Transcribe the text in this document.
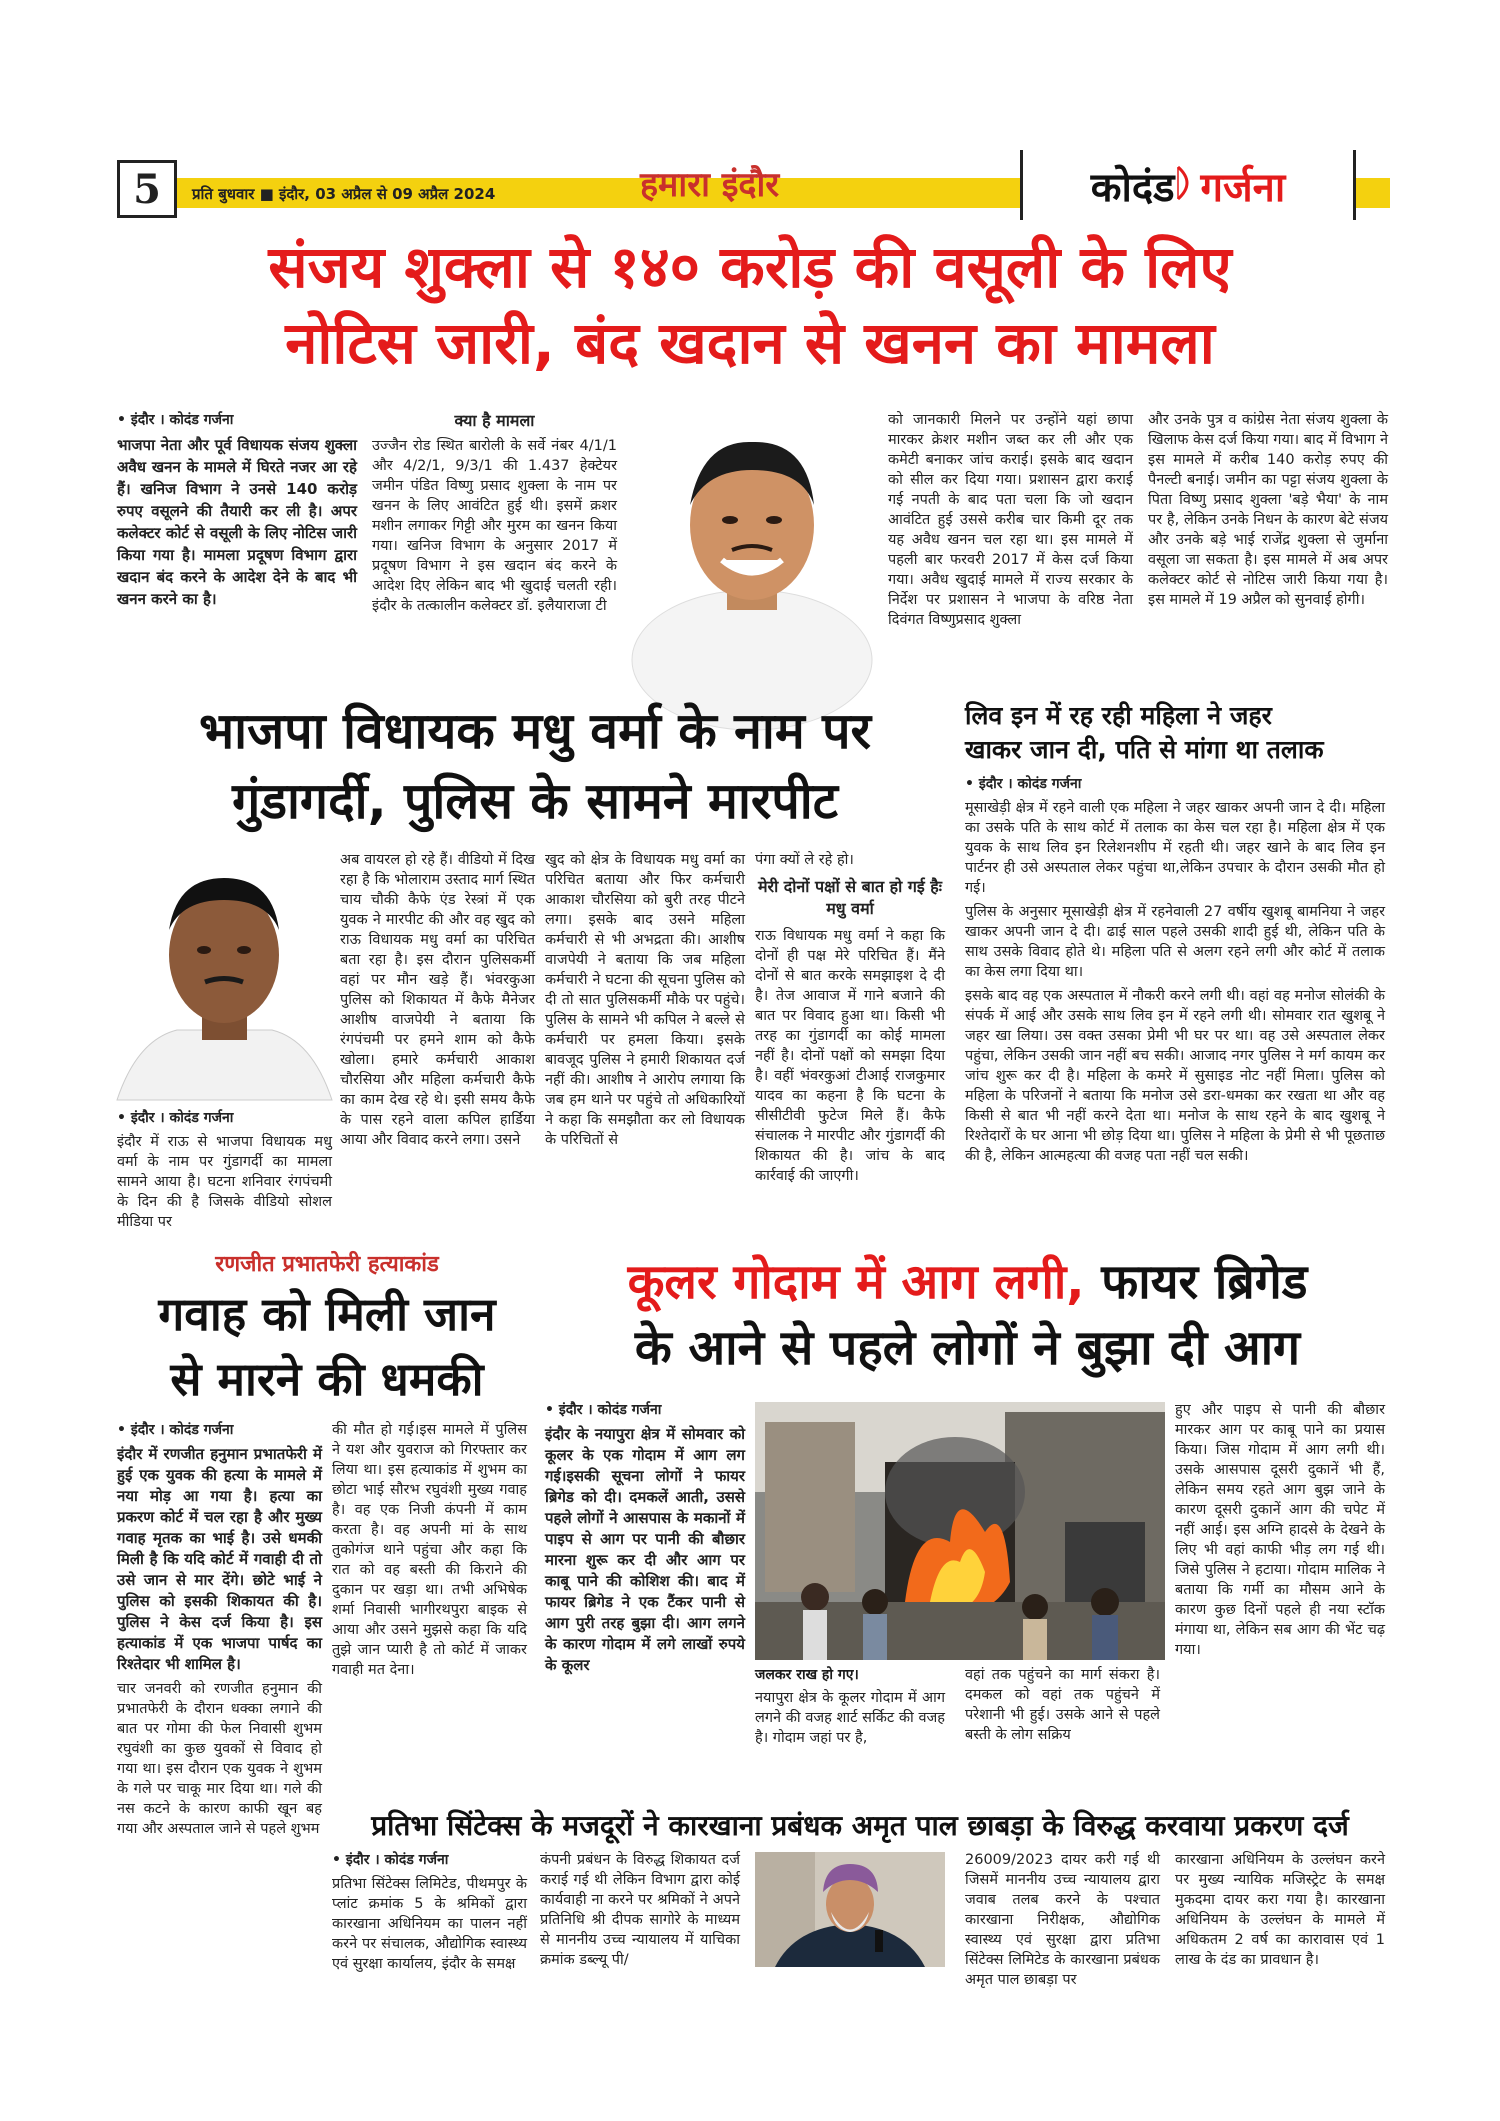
5 प्रति बुधवार ■ इंदौर, 03 अप्रैल से 09 अप्रैल 2024	हमारा इंदौर	कोदंड गर्जना
संजय शुक्ला से १४० करोड़ की वसूली के लिए
नोटिस जारी, बंद खदान से खनन का मामला

• इंदौर । कोदंड गर्जना

भाजपा नेता और पूर्व विधायक संजय शुक्ला अवैध खनन के मामले में घिरते नजर आ रहे हैं। खनिज विभाग ने उनसे 140 करोड़ रुपए वसूलने की तैयारी कर ली है। अपर कलेक्टर कोर्ट से वसूली के लिए नोटिस जारी किया गया है। मामला प्रदूषण विभाग द्वारा खदान बंद करने के आदेश देने के बाद भी खनन करने का है।

क्या है मामला

उज्जैन रोड स्थित बारोली के सर्वे नंबर 4/1/1 और 4/2/1, 9/3/1 की 1.437 हेक्टेयर जमीन पंडित विष्णु प्रसाद शुक्ला के नाम पर खनन के लिए आवंटित हुई थी। इसमें क्रशर मशीन लगाकर गिट्टी और मुरम का खनन किया गया। खनिज विभाग के अनुसार 2017 में प्रदूषण विभाग ने इस खदान बंद करने के आदेश दिए लेकिन बाद भी खुदाई चलती रही। इंदौर के तत्कालीन कलेक्टर डॉ. इलैयाराजा टी

को जानकारी मिलने पर उन्होंने यहां छापा मारकर क्रेशर मशीन जब्त कर ली और एक कमेटी बनाकर जांच कराई। इसके बाद खदान को सील कर दिया गया। प्रशासन द्वारा कराई गई नपती के बाद पता चला कि जो खदान आवंटित हुई उससे करीब चार किमी दूर तक यह अवैध खनन चल रहा था। इस मामले में पहली बार फरवरी 2017 में केस दर्ज किया गया। अवैध खुदाई मामले में राज्य सरकार के निर्देश पर प्रशासन ने भाजपा के वरिष्ठ नेता दिवंगत विष्णुप्रसाद शुक्ला

और उनके पुत्र व कांग्रेस नेता संजय शुक्ला के खिलाफ केस दर्ज किया गया। बाद में विभाग ने इस मामले में करीब 140 करोड़ रुपए की पैनल्टी बनाई। जमीन का पट्टा संजय शुक्ला के पिता विष्णु प्रसाद शुक्ला 'बड़े भैया' के नाम पर है, लेकिन उनके निधन के कारण बेटे संजय और उनके बड़े भाई राजेंद्र शुक्ला से जुर्माना वसूला जा सकता है। इस मामले में अब अपर कलेक्टर कोर्ट से नोटिस जारी किया गया है। इस मामले में 19 अप्रैल को सुनवाई होगी।

भाजपा विधायक मधु वर्मा के नाम पर
गुंडागर्दी, पुलिस के सामने मारपीट

• इंदौर । कोदंड गर्जना

इंदौर में राऊ से भाजपा विधायक मधु वर्मा के नाम पर गुंडागर्दी का मामला सामने आया है। घटना शनिवार रंगपंचमी के दिन की है जिसके वीडियो सोशल मीडिया पर

अब वायरल हो रहे हैं। वीडियो में दिख रहा है कि भोलाराम उस्ताद मार्ग स्थित चाय चौकी कैफे एंड रेस्त्रां में एक युवक ने मारपीट की और वह खुद को राऊ विधायक मधु वर्मा का परिचित बता रहा है। इस दौरान पुलिसकर्मी वहां पर मौन खड़े हैं। भंवरकुआ पुलिस को शिकायत में कैफे मैनेजर आशीष वाजपेयी ने बताया कि रंगपंचमी पर हमने शाम को कैफे खोला। हमारे कर्मचारी आकाश चौरसिया और महिला कर्मचारी कैफे का काम देख रहे थे। इसी समय कैफे के पास रहने वाला कपिल हार्डिया आया और विवाद करने लगा। उसने

खुद को क्षेत्र के विधायक मधु वर्मा का परिचित बताया और फिर कर्मचारी आकाश चौरसिया को बुरी तरह पीटने लगा। इसके बाद उसने महिला कर्मचारी से भी अभद्रता की। आशीष वाजपेयी ने बताया कि जब महिला कर्मचारी ने घटना की सूचना पुलिस को दी तो सात पुलिसकर्मी मौके पर पहुंचे। पुलिस के सामने भी कपिल ने बल्ले से कर्मचारी पर हमला किया। इसके बावजूद पुलिस ने हमारी शिकायत दर्ज नहीं की। आशीष ने आरोप लगाया कि जब हम थाने पर पहुंचे तो अधिकारियों ने कहा कि समझौता कर लो विधायक के परिचितों से

पंगा क्यों ले रहे हो।

मेरी दोनों पक्षों से बात हो गई हैः मधु वर्मा

राऊ विधायक मधु वर्मा ने कहा कि दोनों ही पक्ष मेरे परिचित हैं। मैंने दोनों से बात करके समझाइश दे दी है। तेज आवाज में गाने बजाने की बात पर विवाद हुआ था। किसी भी तरह का गुंडागर्दी का कोई मामला नहीं है। दोनों पक्षों को समझा दिया है। वहीं भंवरकुआं टीआई राजकुमार यादव का कहना है कि घटना के सीसीटीवी फुटेज मिले हैं। कैफे संचालक ने मारपीट और गुंडागर्दी की शिकायत की है। जांच के बाद कार्रवाई की जाएगी।

लिव इन में रह रही महिला ने जहर
खाकर जान दी, पति से मांगा था तलाक

• इंदौर । कोदंड गर्जना

मूसाखेड़ी क्षेत्र में रहने वाली एक महिला ने जहर खाकर अपनी जान दे दी। महिला का उसके पति के साथ कोर्ट में तलाक का केस चल रहा है। महिला क्षेत्र में एक युवक के साथ लिव इन रिलेशनशीप में रहती थी। जहर खाने के बाद लिव इन पार्टनर ही उसे अस्पताल लेकर पहुंचा था,लेकिन उपचार के दौरान उसकी मौत हो गई।

पुलिस के अनुसार मूसाखेड़ी क्षेत्र में रहनेवाली 27 वर्षीय खुशबू बामनिया ने जहर खाकर अपनी जान दे दी। ढाई साल पहले उसकी शादी हुई थी, लेकिन पति के साथ उसके विवाद होते थे। महिला पति से अलग रहने लगी और कोर्ट में तलाक का केस लगा दिया था।

इसके बाद वह एक अस्पताल में नौकरी करने लगी थी। वहां वह मनोज सोलंकी के संपर्क में आई और उसके साथ लिव इन में रहने लगी थी। सोमवार रात खुशबू ने जहर खा लिया। उस वक्त उसका प्रेमी भी घर पर था। वह उसे अस्पताल लेकर पहुंचा, लेकिन उसकी जान नहीं बच सकी। आजाद नगर पुलिस ने मर्ग कायम कर जांच शुरू कर दी है। महिला के कमरे में सुसाइड नोट नहीं मिला। पुलिस को महिला के परिजनों ने बताया कि मनोज उसे डरा-धमका कर रखता था और वह किसी से बात भी नहीं करने देता था। मनोज के साथ रहने के बाद खुशबू ने रिश्तेदारों के घर आना भी छोड़ दिया था। पुलिस ने महिला के प्रेमी से भी पूछताछ की है, लेकिन आत्महत्या की वजह पता नहीं चल सकी।

रणजीत प्रभातफेरी हत्याकांड
गवाह को मिली जान
से मारने की धमकी

• इंदौर । कोदंड गर्जना

इंदौर में रणजीत हनुमान प्रभातफेरी में हुई एक युवक की हत्या के मामले में नया मोड़ आ गया है। हत्या का प्रकरण कोर्ट में चल रहा है और मुख्य गवाह मृतक का भाई है। उसे धमकी मिली है कि यदि कोर्ट में गवाही दी तो उसे जान से मार देंगे। छोटे भाई ने पुलिस को इसकी शिकायत की है। पुलिस ने केस दर्ज किया है। इस हत्याकांड में एक भाजपा पार्षद का रिश्तेदार भी शामिल है।

चार जनवरी को रणजीत हनुमान की प्रभातफेरी के दौरान धक्का लगाने की बात पर गोमा की फेल निवासी शुभम रघुवंशी का कुछ युवकों से विवाद हो गया था। इस दौरान एक युवक ने शुभम के गले पर चाकू मार दिया था। गले की नस कटने के कारण काफी खून बह गया और अस्पताल जाने से पहले शुभम

की मौत हो गई।इस मामले में पुलिस ने यश और युवराज को गिरफ्तार कर लिया था। इस हत्याकांड में शुभम का छोटा भाई सौरभ रघुवंशी मुख्य गवाह है। वह एक निजी कंपनी में काम करता है। वह अपनी मां के साथ तुकोगंज थाने पहुंचा और कहा कि रात को वह बस्ती की किराने की दुकान पर खड़ा था। तभी अभिषेक शर्मा निवासी भागीरथपुरा बाइक से आया और उसने मुझसे कहा कि यदि तुझे जान प्यारी है तो कोर्ट में जाकर गवाही मत देना।

कूलर गोदाम में आग लगी, फायर ब्रिगेड
के आने से पहले लोगों ने बुझा दी आग

• इंदौर । कोदंड गर्जना

इंदौर के नयापुरा क्षेत्र में सोमवार को कूलर के एक गोदाम में आग लग गई।इसकी सूचना लोगों ने फायर ब्रिगेड को दी। दमकलें आती, उससे पहले लोगों ने आसपास के मकानों में पाइप से आग पर पानी की बौछार मारना शुरू कर दी और आग पर काबू पाने की कोशिश की। बाद में फायर ब्रिगेड ने एक टैंकर पानी से आग पुरी तरह बुझा दी। आग लगने के कारण गोदाम में लगे लाखों रुपये के कूलर

जलकर राख हो गए।

नयापुरा क्षेत्र के कूलर गोदाम में आग लगने की वजह शार्ट सर्किट की वजह है। गोदाम जहां पर है,

वहां तक पहुंचने का मार्ग संकरा है। दमकल को वहां तक पहुंचने में परेशानी भी हुई। उसके आने से पहले बस्ती के लोग सक्रिय

हुए और पाइप से पानी की बौछार मारकर आग पर काबू पाने का प्रयास किया। जिस गोदाम में आग लगी थी। उसके आसपास दूसरी दुकानें भी हैं, लेकिन समय रहते आग बुझ जाने के कारण दूसरी दुकानें आग की चपेट में नहीं आई। इस अग्नि हादसे के देखने के लिए भी वहां काफी भीड़ लग गई थी। जिसे पुलिस ने हटाया। गोदाम मालिक ने बताया कि गर्मी का मौसम आने के कारण कुछ दिनों पहले ही नया स्टॉक मंगाया था, लेकिन सब आग की भेंट चढ़ गया।

प्रतिभा सिंटेक्स के मजदूरों ने कारखाना प्रबंधक अमृत पाल छाबड़ा के विरुद्ध करवाया प्रकरण दर्ज

• इंदौर । कोदंड गर्जना

प्रतिभा सिंटेक्स लिमिटेड, पीथमपुर के प्लांट क्रमांक 5 के श्रमिकों द्वारा कारखाना अधिनियम का पालन नहीं करने पर संचालक, औद्योगिक स्वास्थ्य एवं सुरक्षा कार्यालय, इंदौर के समक्ष

कंपनी प्रबंधन के विरुद्ध शिकायत दर्ज कराई गई थी लेकिन विभाग द्वारा कोई कार्यवाही ना करने पर श्रमिकों ने अपने प्रतिनिधि श्री दीपक सागोरे के माध्यम से माननीय उच्च न्यायालय में याचिका क्रमांक डब्ल्यू पी/

26009/2023 दायर करी गई थी जिसमें माननीय उच्च न्यायालय द्वारा जवाब तलब करने के पश्चात कारखाना निरीक्षक, औद्योगिक स्वास्थ्य एवं सुरक्षा द्वारा प्रतिभा सिंटेक्स लिमिटेड के कारखाना प्रबंधक अमृत पाल छाबड़ा पर

कारखाना अधिनियम के उल्लंघन करने पर मुख्य न्यायिक मजिस्ट्रेट के समक्ष मुकदमा दायर करा गया है। कारखाना अधिनियम के उल्लंघन के मामले में अधिकतम 2 वर्ष का कारावास एवं 1 लाख के दंड का प्रावधान है।
